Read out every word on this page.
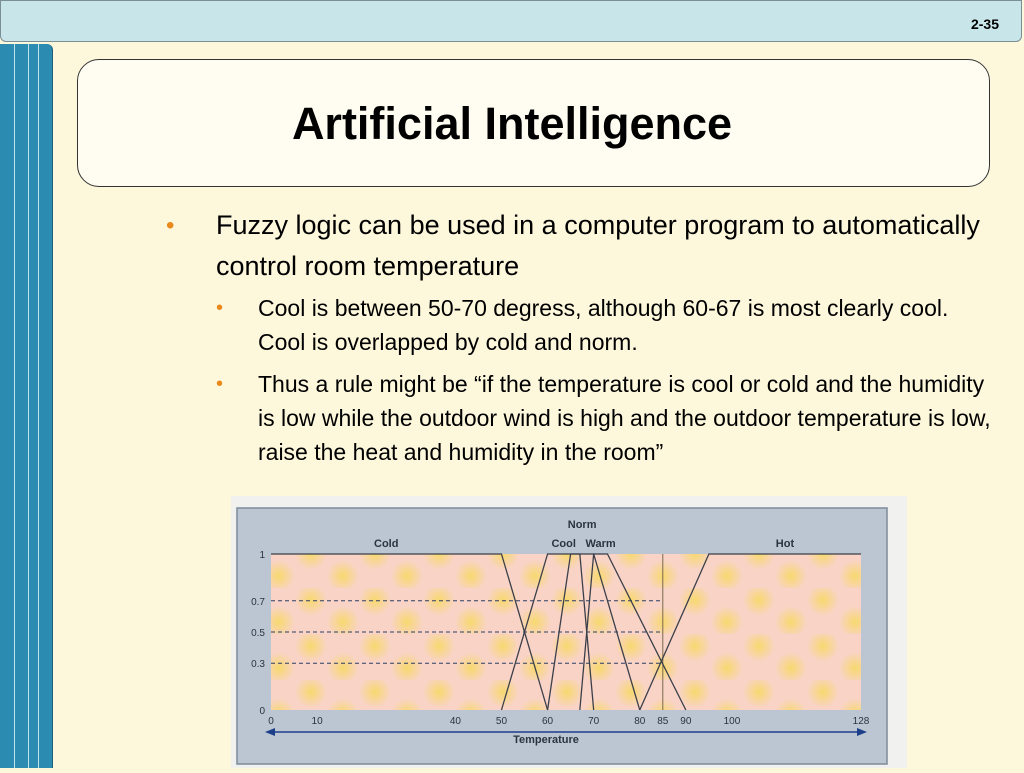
2-35
Artificial Intelligence
• Fuzzy logic can be used in a computer program to automatically control room temperature
• Cool is between 50-70 degress, although 60-67 is most clearly cool. Cool is overlapped by cold and norm.
• Thus a rule might be “if the temperature is cool or cold and the humidity is low while the outdoor wind is high and the outdoor temperature is low, raise the heat and humidity in the room”
Cold	Cool
Norm
Warm	Hot
0
0.3
0.5
0.7
1
0	10	40	50	60	70	80 85 90	100	128
Temperature
